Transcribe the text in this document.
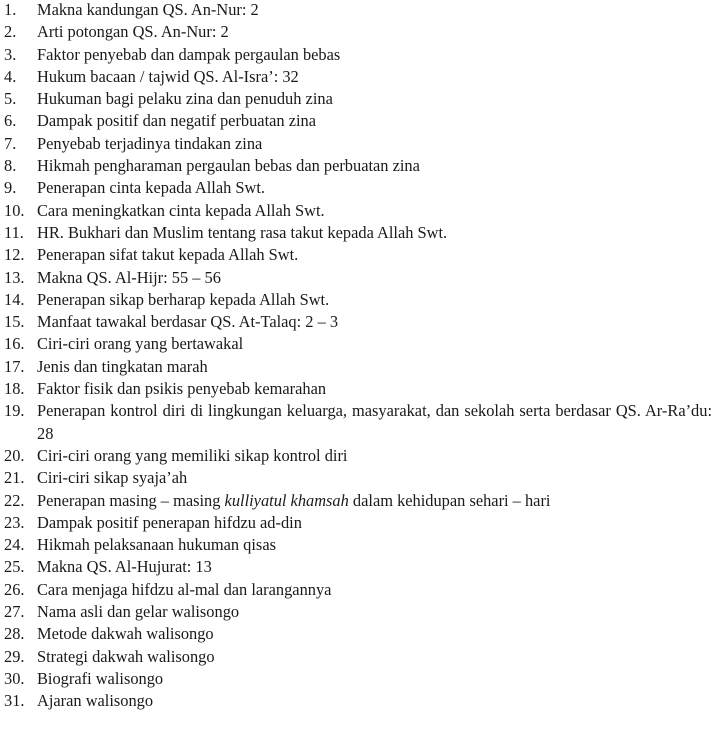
1. Makna kandungan QS. An-Nur: 2
2. Arti potongan QS. An-Nur: 2
3. Faktor penyebab dan dampak pergaulan bebas
4. Hukum bacaan / tajwid QS. Al-Isra’: 32
5. Hukuman bagi pelaku zina dan penuduh zina
6. Dampak positif dan negatif perbuatan zina
7. Penyebab terjadinya tindakan zina
8. Hikmah pengharaman pergaulan bebas dan perbuatan zina
9. Penerapan cinta kepada Allah Swt.
10. Cara meningkatkan cinta kepada Allah Swt.
11. HR. Bukhari dan Muslim tentang rasa takut kepada Allah Swt.
12. Penerapan sifat takut kepada Allah Swt.
13. Makna QS. Al-Hijr: 55 – 56
14. Penerapan sikap berharap kepada Allah Swt.
15. Manfaat tawakal berdasar QS. At-Talaq: 2 – 3
16. Ciri-ciri orang yang bertawakal
17. Jenis dan tingkatan marah
18. Faktor fisik dan psikis penyebab kemarahan
19. Penerapan kontrol diri di lingkungan keluarga, masyarakat, dan sekolah serta berdasar QS. Ar-Ra’du: 28
20. Ciri-ciri orang yang memiliki sikap kontrol diri
21. Ciri-ciri sikap syaja’ah
22. Penerapan masing – masing kulliyatul khamsah dalam kehidupan sehari – hari
23. Dampak positif penerapan hifdzu ad-din
24. Hikmah pelaksanaan hukuman qisas
25. Makna QS. Al-Hujurat: 13
26. Cara menjaga hifdzu al-mal dan larangannya
27. Nama asli dan gelar walisongo
28. Metode dakwah walisongo
29. Strategi dakwah walisongo
30. Biografi walisongo
31. Ajaran walisongo
